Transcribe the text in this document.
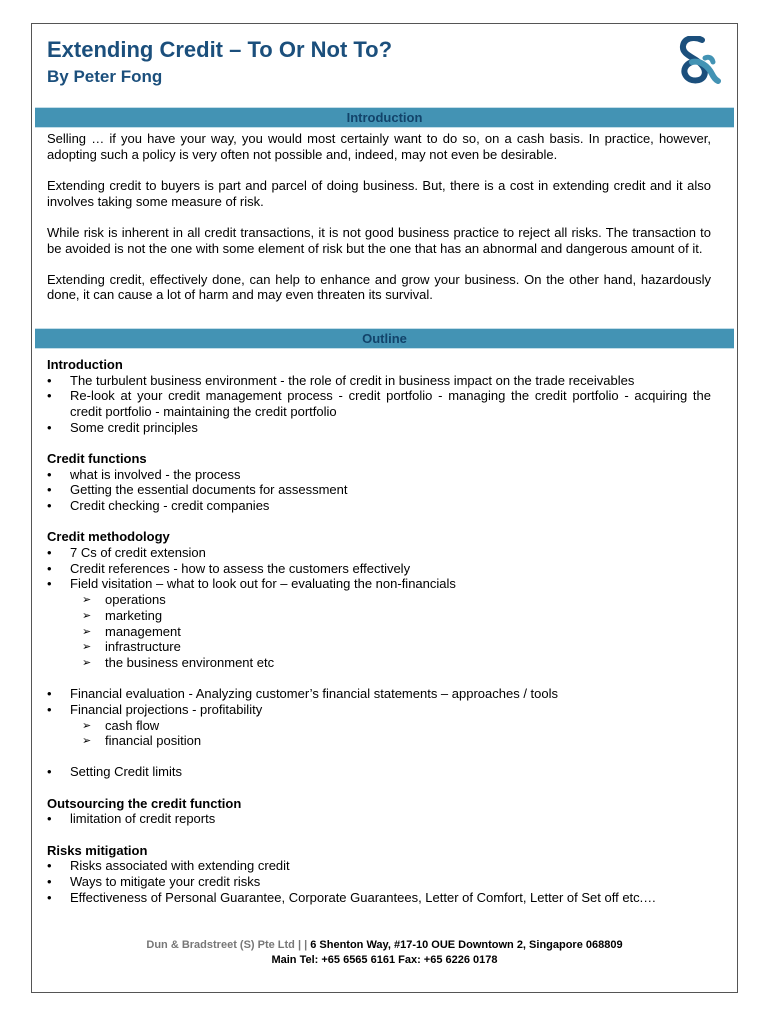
Extending Credit – To Or Not To?
By Peter Fong
Introduction

Selling … if you have your way, you would most certainly want to do so, on a cash basis. In practice, however, adopting such a policy is very often not possible and, indeed, may not even be desirable.

Extending credit to buyers is part and parcel of doing business. But, there is a cost in extending credit and it also involves taking some measure of risk.

While risk is inherent in all credit transactions, it is not good business practice to reject all risks. The transaction to be avoided is not the one with some element of risk but the one that has an abnormal and dangerous amount of it.

Extending credit, effectively done, can help to enhance and grow your business. On the other hand, hazardously done, it can cause a lot of harm and may even threaten its survival.

Outline
Introduction
• The turbulent business environment - the role of credit in business impact on the trade receivables
• Re-look at your credit management process - credit portfolio - managing the credit portfolio - acquiring the credit portfolio - maintaining the credit portfolio
• Some credit principles
Credit functions
• what is involved - the process
• Getting the essential documents for assessment
• Credit checking - credit companies
Credit methodology
• 7 Cs of credit extension
• Credit references - how to assess the customers effectively
• Field visitation – what to look out for – evaluating the non-financials
➢ operations
➢ marketing
➢ management
➢ infrastructure
➢ the business environment etc
• Financial evaluation - Analyzing customer’s financial statements – approaches / tools
• Financial projections - profitability
➢ cash flow
➢ financial position
• Setting Credit limits
Outsourcing the credit function
• limitation of credit reports
Risks mitigation
• Risks associated with extending credit
• Ways to mitigate your credit risks
• Effectiveness of Personal Guarantee, Corporate Guarantees, Letter of Comfort, Letter of Set off etc.…
Dun & Bradstreet (S) Pte Ltd | | 6 Shenton Way, #17-10 OUE Downtown 2, Singapore 068809
Main Tel: +65 6565 6161 Fax: +65 6226 0178
